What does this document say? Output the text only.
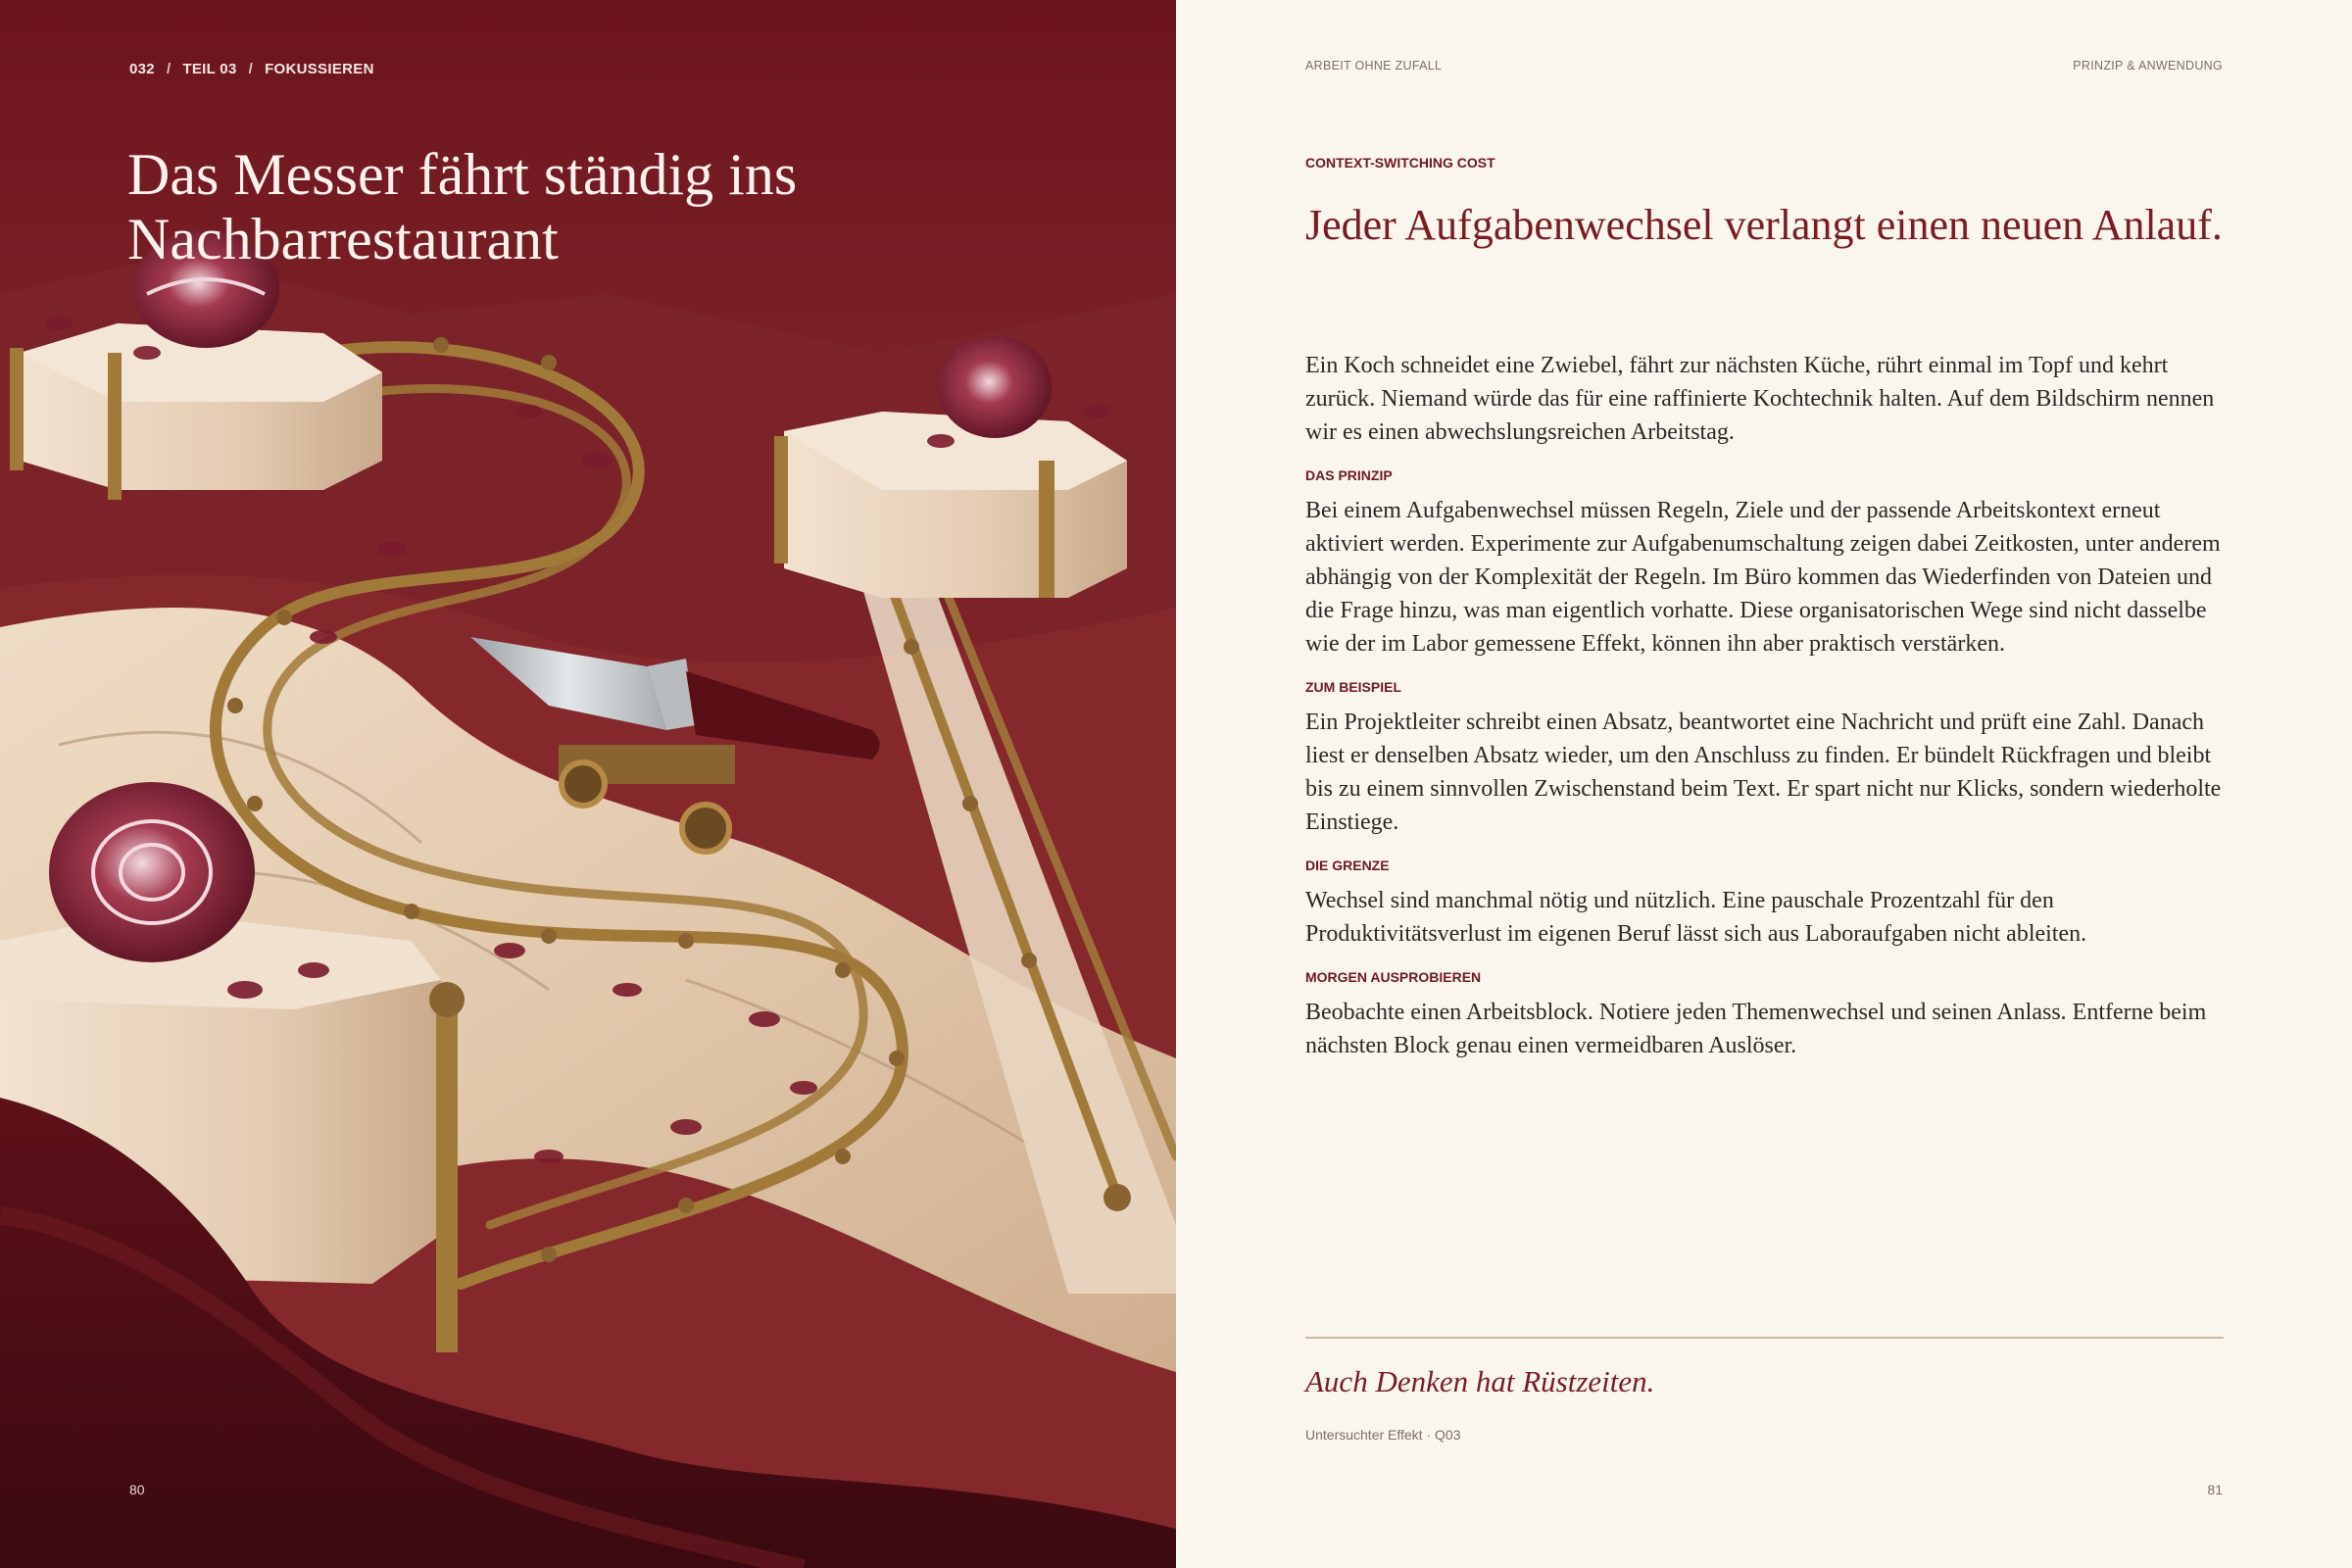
032 / TEIL 03 / FOKUSSIEREN
Das Messer fährt ständig ins Nachbarrestaurant
80
ARBEIT OHNE ZUFALL	PRINZIP & ANWENDUNG
CONTEXT-SWITCHING COST
Jeder Aufgabenwechsel verlangt einen neuen Anlauf.

Ein Koch schneidet eine Zwiebel, fährt zur nächsten Küche, rührt einmal im Topf und kehrt zurück. Niemand würde das für eine raffinierte Kochtechnik halten. Auf dem Bildschirm nennen wir es einen abwechslungsreichen Arbeitstag.

DAS PRINZIP

Bei einem Aufgabenwechsel müssen Regeln, Ziele und der passende Arbeitskontext erneut aktiviert werden. Experimente zur Aufgabenumschaltung zeigen dabei Zeitkosten, unter anderem abhängig von der Komplexität der Regeln. Im Büro kommen das Wiederfinden von Dateien und die Frage hinzu, was man eigentlich vorhatte. Diese organisatorischen Wege sind nicht dasselbe wie der im Labor gemessene Effekt, können ihn aber praktisch verstärken.

ZUM BEISPIEL

Ein Projektleiter schreibt einen Absatz, beantwortet eine Nachricht und prüft eine Zahl. Danach liest er denselben Absatz wieder, um den Anschluss zu finden. Er bündelt Rückfragen und bleibt bis zu einem sinnvollen Zwischenstand beim Text. Er spart nicht nur Klicks, sondern wiederholte Einstiege.

DIE GRENZE

Wechsel sind manchmal nötig und nützlich. Eine pauschale Prozentzahl für den Produktivitätsverlust im eigenen Beruf lässt sich aus Laboraufgaben nicht ableiten.

MORGEN AUSPROBIEREN

Beobachte einen Arbeitsblock. Notiere jeden Themenwechsel und seinen Anlass. Entferne beim nächsten Block genau einen vermeidbaren Auslöser.

Auch Denken hat Rüstzeiten.
Untersuchter Effekt · Q03
81
